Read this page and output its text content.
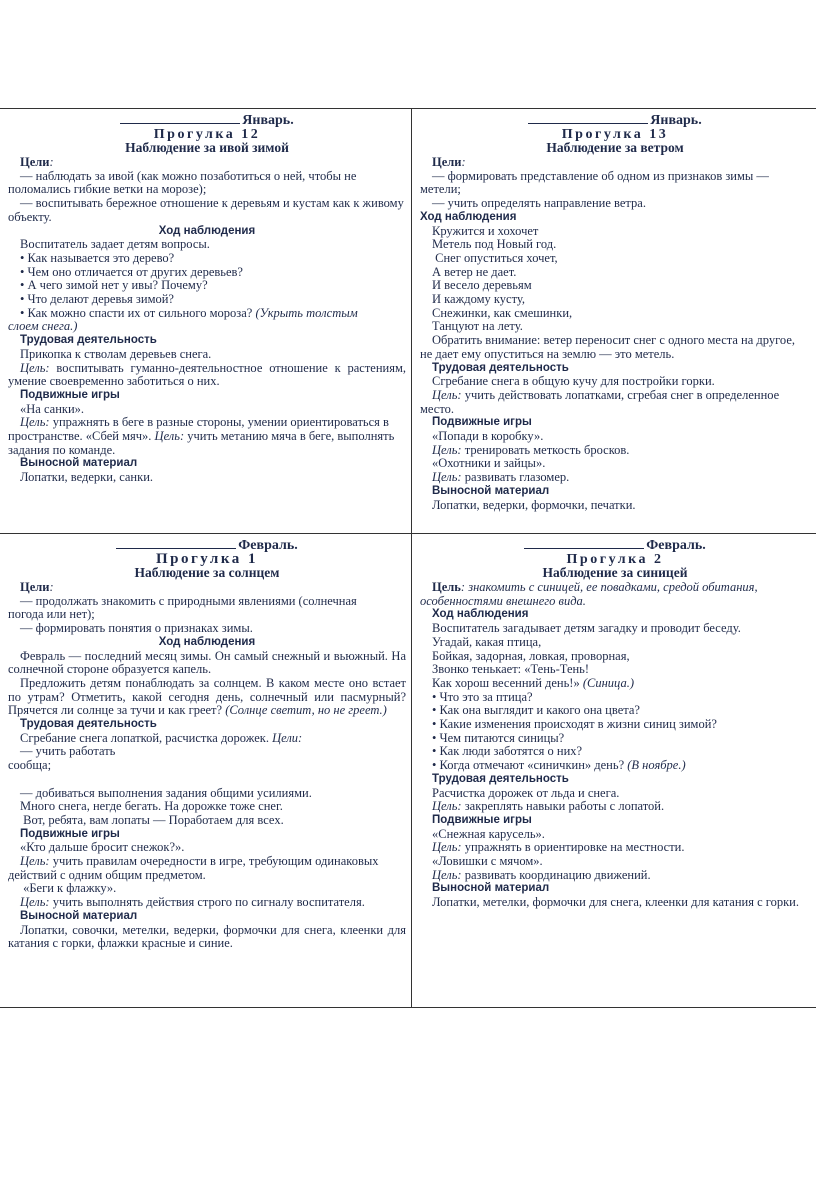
Январь.
Прогулка 12
Наблюдение за ивой зимой
Цели:
— наблюдать за ивой (как можно позаботиться о ней, чтобы не поломались гибкие ветки на морозе);
— воспитывать бережное отношение к деревьям и кустам как к живому объекту.
Ход наблюдения
Воспитатель задает детям вопросы.
• Как называется это дерево?
• Чем оно отличается от других деревьев?
• А чего зимой нет у ивы? Почему?
• Что делают деревья зимой?
• Как можно спасти их от сильного мороза? (Укрыть толстым
слоем снега.)
Трудовая деятельность
Прикопка к стволам деревьев снега.
Цель: воспитывать гуманно-деятельностное отношение к растениям, умение своевременно заботиться о них.
Подвижные игры
«На санки».
Цель: упражнять в беге в разные стороны, умении ориентироваться в пространстве. «Сбей мяч». Цель: учить метанию мяча в беге, выполнять задания по команде.
Выносной материал
Лопатки, ведерки, санки.
Январь.
Прогулка 13
Наблюдение за ветром
Цели:
— формировать представление об одном из признаков зимы — метели;
— учить определять направление ветра.
Ход наблюдения
Кружится и хохочет
Метель под Новый год.
Снег опуститься хочет,
А ветер не дает.
И весело деревьям
И каждому кусту,
Снежинки, как смешинки,
Танцуют на лету.
Обратить внимание: ветер переносит снег с одного места на другое, не дает ему опуститься на землю — это метель.
Трудовая деятельность
Сгребание снега в общую кучу для постройки горки.
Цель: учить действовать лопатками, сгребая снег в определенное место.
Подвижные игры
«Попади в коробку».
Цель: тренировать меткость бросков.
«Охотники и зайцы».
Цель: развивать глазомер.
Выносной материал
Лопатки, ведерки, формочки, печатки.
Февраль.
Прогулка 1
Наблюдение за солнцем
Цели:
— продолжать знакомить с природными явлениями (солнечная
погода или нет);
— формировать понятия о признаках зимы.
Ход наблюдения
Февраль — последний месяц зимы. Он самый снежный и вьюжный. На солнечной стороне образуется капель.
Предложить детям понаблюдать за солнцем. В каком месте оно встает по утрам? Отметить, какой сегодня день, солнечный или пасмурный? Прячется ли солнце за тучи и как греет? (Солнце светит, но не греет.)
Трудовая деятельность
Сгребание снега лопаткой, расчистка дорожек. Цели:
— учить работать
сообща;
— добиваться выполнения задания общими усилиями.
Много снега, негде бегать. На дорожке тоже снег.
Вот, ребята, вам лопаты — Поработаем для всех.
Подвижные игры
«Кто дальше бросит снежок?».
Цель: учить правилам очередности в игре, требующим одинаковых действий с одним общим предметом.
«Беги к флажку».
Цель: учить выполнять действия строго по сигналу воспитателя.
Выносной материал
Лопатки, совочки, метелки, ведерки, формочки для снега, клеенки для катания с горки, флажки красные и синие.
Февраль.
Прогулка 2
Наблюдение за синицей
Цель: знакомить с синицей, ее повадками, средой обитания, особенностями внешнего вида.
Ход наблюдения
Воспитатель загадывает детям загадку и проводит беседу.
Угадай, какая птица,
Бойкая, задорная, ловкая, проворная,
Звонко тенькает: «Тень-Тень!
Как хорош весенний день!» (Синица.)
• Что это за птица?
• Как она выглядит и какого она цвета?
• Какие изменения происходят в жизни синиц зимой?
• Чем питаются синицы?
• Как люди заботятся о них?
• Когда отмечают «синичкин» день? (В ноябре.)
Трудовая деятельность
Расчистка дорожек от льда и снега.
Цель: закреплять навыки работы с лопатой.
Подвижные игры
«Снежная карусель».
Цель: упражнять в ориентировке на местности.
«Ловишки с мячом».
Цель: развивать координацию движений.
Выносной материал
Лопатки, метелки, формочки для снега, клеенки для катания с горки.
